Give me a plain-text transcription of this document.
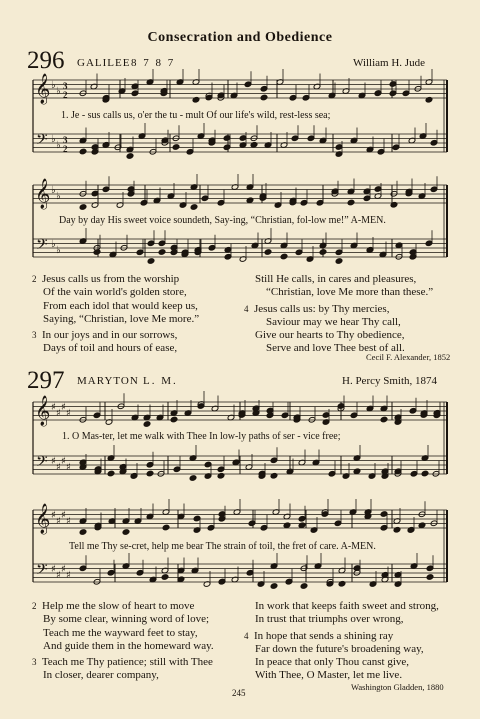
Consecration and Obedience
296 GALILEE 8 7 8 7	William H. Jude
297 MARYTON L. M.	H. Percy Smith, 1874
𝄞
𝄢
♭
♭
♭
♭
3
2
3
2
𝄞
𝄢
♭
♭
♭
♭
𝄞
𝄢
♯
♯
♯
♯
♯
♯
♯
♯
𝄞
𝄢
♯
♯
♯
♯
♯
♯
♯
♯
1. Je - sus calls us, o'er the tu - mult Of our life's wild, rest-less sea;
Day by day His sweet voice soundeth, Say-ing, “Christian, fol-low me!” A-MEN.
1. O Mas-ter, let me walk with Thee In low-ly paths of ser - vice free;
Tell me Thy se-cret, help me bear The strain of toil, the fret of care. A-MEN.
2 Jesus calls us from the worship
Of the vain world's golden store,
From each idol that would keep us,
Saying, “Christian, love Me more.”
3 In our joys and in our sorrows,
Days of toil and hours of ease,
Still He calls, in cares and pleasures,
“Christian, love Me more than these.”
4 Jesus calls us: by Thy mercies,
Saviour may we hear Thy call,
Give our hearts to Thy obedience,
Serve and love Thee best of all.
Cecil F. Alexander, 1852
2 Help me the slow of heart to move
By some clear, winning word of love;
Teach me the wayward feet to stay,
And guide them in the homeward way.
3 Teach me Thy patience; still with Thee
In closer, dearer company,
In work that keeps faith sweet and strong,
In trust that triumphs over wrong,
4 In hope that sends a shining ray
Far down the future's broadening way,
In peace that only Thou canst give,
With Thee, O Master, let me live.
Washington Gladden, 1880
245
